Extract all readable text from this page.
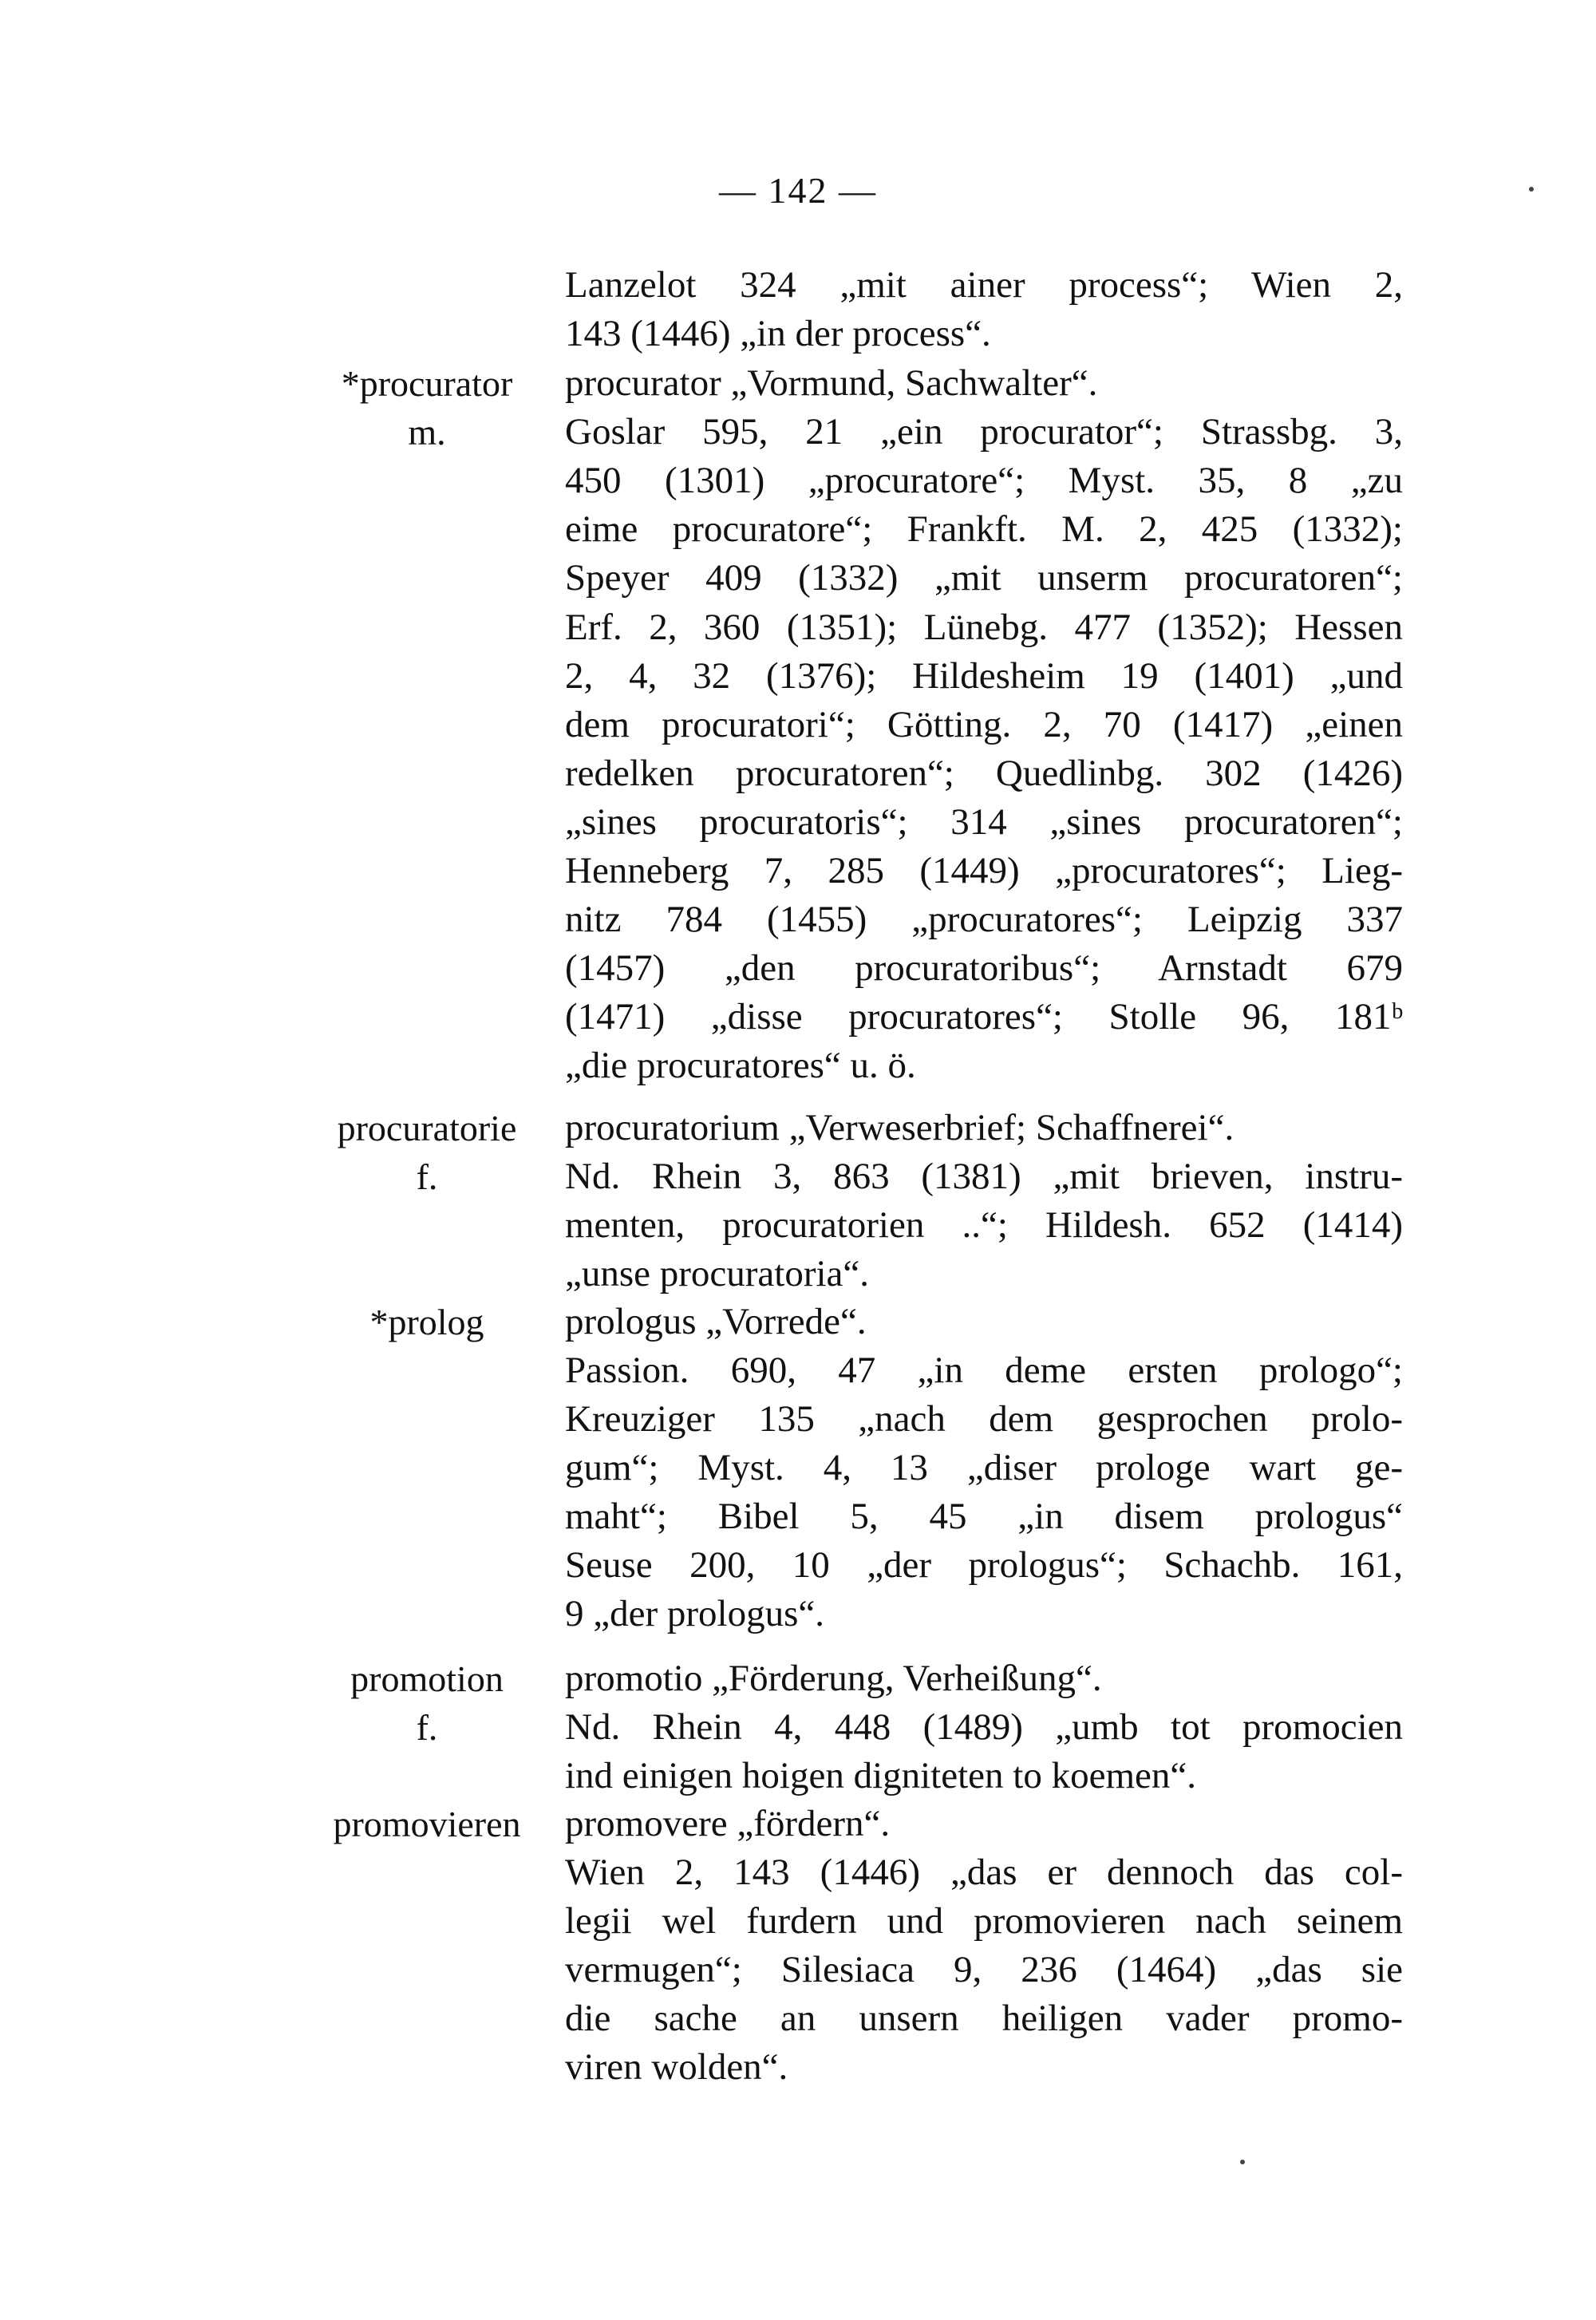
— 142 —
*procurator
m.
procuratorie
f.
*prolog
promotion
f.
promovieren
Lanzelot 324 „mit ainer process“; Wien 2,
143 (1446) „in der process“.
procurator „Vormund, Sachwalter“.
Goslar 595, 21 „ein procurator“; Strassbg. 3,
450 (1301) „procuratore“; Myst. 35, 8 „zu
eime procuratore“; Frankft. M. 2, 425 (1332);
Speyer 409 (1332) „mit unserm procuratoren“;
Erf. 2, 360 (1351); Lünebg. 477 (1352); Hessen
2, 4, 32 (1376); Hildesheim 19 (1401) „und
dem procuratori“; Götting. 2, 70 (1417) „einen
redelken procuratoren“; Quedlinbg. 302 (1426)
„sines procuratoris“; 314 „sines procuratoren“;
Henneberg 7, 285 (1449) „procuratores“; Lieg-
nitz 784 (1455) „procuratores“; Leipzig 337
(1457) „den procuratoribus“; Arnstadt 679
(1471) „disse procuratores“; Stolle 96, 181ᵇ
„die procuratores“ u. ö.
procuratorium „Verweserbrief; Schaffnerei“.
Nd. Rhein 3, 863 (1381) „mit brieven, instru-
menten, procuratorien ..“; Hildesh. 652 (1414)
„unse procuratoria“.
prologus „Vorrede“.
Passion. 690, 47 „in deme ersten prologo“;
Kreuziger 135 „nach dem gesprochen prolo-
gum“; Myst. 4, 13 „diser prologe wart ge-
maht“; Bibel 5, 45 „in disem prologus“
Seuse 200, 10 „der prologus“; Schachb. 161,
9 „der prologus“.
promotio „Förderung, Verheißung“.
Nd. Rhein 4, 448 (1489) „umb tot promocien
ind einigen hoigen digniteten to koemen“.
promovere „fördern“.
Wien 2, 143 (1446) „das er dennoch das col-
legii wel furdern und promovieren nach seinem
vermugen“; Silesiaca 9, 236 (1464) „das sie
die sache an unsern heiligen vader promo-
viren wolden“.
